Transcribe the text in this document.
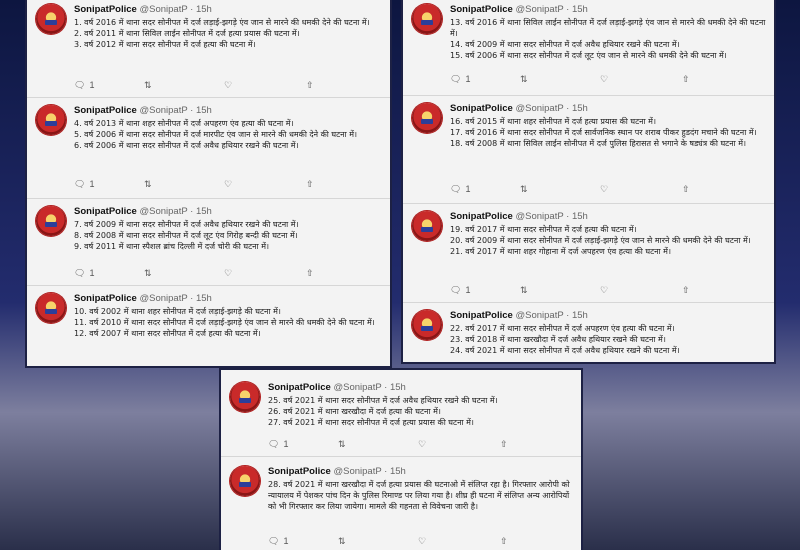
SonipatPolice @SonipatP · 15h
1. वर्ष 2016 में थाना सदर सोनीपत में दर्ज लड़ाई-झगड़े एंव जान से मारने की धमकी देने की घटना में।
2. वर्ष 2011 में थाना सिविल लाईन सोनीपत में दर्ज हत्या प्रयास की घटना में।
3. वर्ष 2012 में थाना सदर सोनीपत में दर्ज हत्या की घटना में।
🗨︎ 1	⇅	♡	⇧
SonipatPolice @SonipatP · 15h
4. वर्ष 2013 में थाना शहर सोनीपत में दर्ज अपहरण एंव हत्या की घटना में।
5. वर्ष 2006 में थाना सदर सोनीपत में दर्ज मारपीट एंव जान से मारने की धमकी देने की घटना में।
6. वर्ष 2006 में थाना सदर सोनीपत में दर्ज अवैध हथियार रखने की घटना में।
🗨︎ 1	⇅	♡	⇧
SonipatPolice @SonipatP · 15h
7. वर्ष 2009 में थाना सदर सोनीपत में दर्ज अवैध हथियार रखने की घटना में।
8. वर्ष 2008 में थाना सदर सोनीपत में दर्ज लूट एंव गिरोह बन्दी की घटना में।
9. वर्ष 2011 में थाना स्पैशल ब्रांच दिल्ली में दर्ज चोरी की घटना में।
🗨︎ 1	⇅	♡	⇧
SonipatPolice @SonipatP · 15h
10. वर्ष 2002 में थाना शहर सोनीपत में दर्ज लड़ाई-झगड़े की घटना में।
11. वर्ष 2010 में थाना सदर सोनीपत में दर्ज लड़ाई-झगड़े एंव जान से मारने की धमकी देने की घटना में।
12. वर्ष 2007 में थाना सदर सोनीपत में दर्ज हत्या की घटना में।
SonipatPolice @SonipatP · 15h
13. वर्ष 2016 में थाना सिविल लाईन सोनीपत में दर्ज लड़ाई-झगड़े एंव जान से मारने की धमकी देने की घटना में।
14. वर्ष 2009 में थाना सदर सोनीपत में दर्ज अवैध हथियार रखने की घटना में।
15. वर्ष 2006 में थाना सदर सोनीपत में दर्ज लूट एंव जान से मारने की धमकी देने की घटना में।
🗨︎ 1	⇅	♡	⇧
SonipatPolice @SonipatP · 15h
16. वर्ष 2015 में थाना शहर सोनीपत में दर्ज हत्या प्रयास की घटना में।
17. वर्ष 2016 में थाना सदर सोनीपत में दर्ज सार्वजनिक स्थान पर शराब पीकर हुडदंग मचाने की घटना में।
18. वर्ष 2008 में थाना सिविल लाईन सोनीपत में दर्ज पुलिस हिरासत से भगाने के षड्यंत्र की घटना में।
🗨︎ 1	⇅	♡	⇧
SonipatPolice @SonipatP · 15h
19. वर्ष 2017 में थाना सदर सोनीपत में दर्ज हत्या की घटना में।
20. वर्ष 2009 में थाना सदर सोनीपत में दर्ज लड़ाई-झगड़े एंव जान से मारने की धमकी देने की घटना में।
21. वर्ष 2017 में थाना शहर गोहाना में दर्ज अपहरण एंव हत्या की घटना में।
🗨︎ 1	⇅	♡	⇧
SonipatPolice @SonipatP · 15h
22. वर्ष 2017 में थाना सदर सोनीपत में दर्ज अपहरण एंव हत्या की घटना में।
23. वर्ष 2018 में थाना खरखौदा में दर्ज अवैध हथियार रखने की घटना में।
24. वर्ष 2021 में थाना सदर सोनीपत में दर्ज अवैध हथियार रखने की घटना में।
SonipatPolice @SonipatP · 15h
25. वर्ष 2021 में थाना सदर सोनीपत में दर्ज अवैध हथियार रखने की घटना में।
26. वर्ष 2021 में थाना खरखौदा में दर्ज हत्या की घटना में।
27. वर्ष 2021 में थाना सदर सोनीपत में दर्ज हत्या प्रयास की घटना में।
🗨︎ 1	⇅	♡	⇧
SonipatPolice @SonipatP · 15h
28. वर्ष 2021 में थाना खरखौदा में दर्ज हत्या प्रयास की घटनाओ में संलिप्त रहा है। गिरफ्तार आरोपी को न्यायालय में पेशकर पांच दिन के पुलिस रिमाण्ड पर लिया गया है। शीघ्र ही घटना में संलिप्त अन्य आरोपियों को भी गिरफ्तार कर लिया जायेगा। मामले की गहनता से विवेचना जारी है।
🗨︎ 1	⇅	♡	⇧
